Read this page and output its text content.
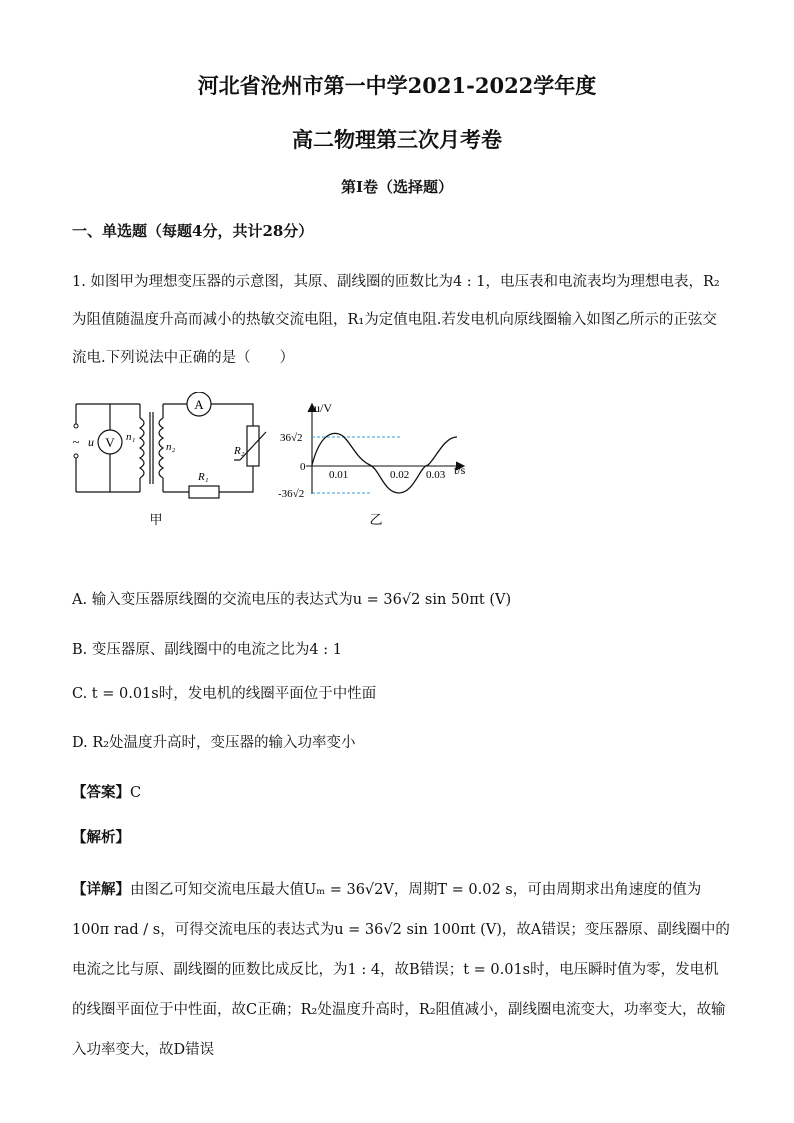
河北省沧州市第一中学2021-2022学年度
高二物理第三次月考卷
第I卷（选择题）
一、单选题（每题4分，共计28分）
1. 如图甲为理想变压器的示意图，其原、副线圈的匝数比为4 : 1，电压表和电流表均为理想电表，R₂为阻值随温度升高而减小的热敏交流电阻，R₁为定值电阻.若发电机向原线圈输入如图乙所示的正弦交流电.下列说法中正确的是（　　）
A
V
~ u	n₁
n₂	R₂
R₁
甲
u/V
t/s
36√2
-36√2
0
0.01	0.02 0.03
乙
A. 输入变压器原线圈的交流电压的表达式为u = 36√2 sin 50πt (V)
B. 变压器原、副线圈中的电流之比为4 : 1
C. t = 0.01s时，发电机的线圈平面位于中性面
D. R₂处温度升高时，变压器的输入功率变小
【答案】C
【解析】
【详解】由图乙可知交流电压最大值Uₘ = 36√2V，周期T = 0.02 s，可由周期求出角速度的值为100π rad / s，可得交流电压的表达式为u = 36√2 sin 100πt (V)，故A错误；变压器原、副线圈中的电流之比与原、副线圈的匝数比成反比，为1 : 4，故B错误；t = 0.01s时，电压瞬时值为零，发电机的线圈平面位于中性面，故C正确；R₂处温度升高时，R₂阻值减小，副线圈电流变大，功率变大，故输入功率变大，故D错误
